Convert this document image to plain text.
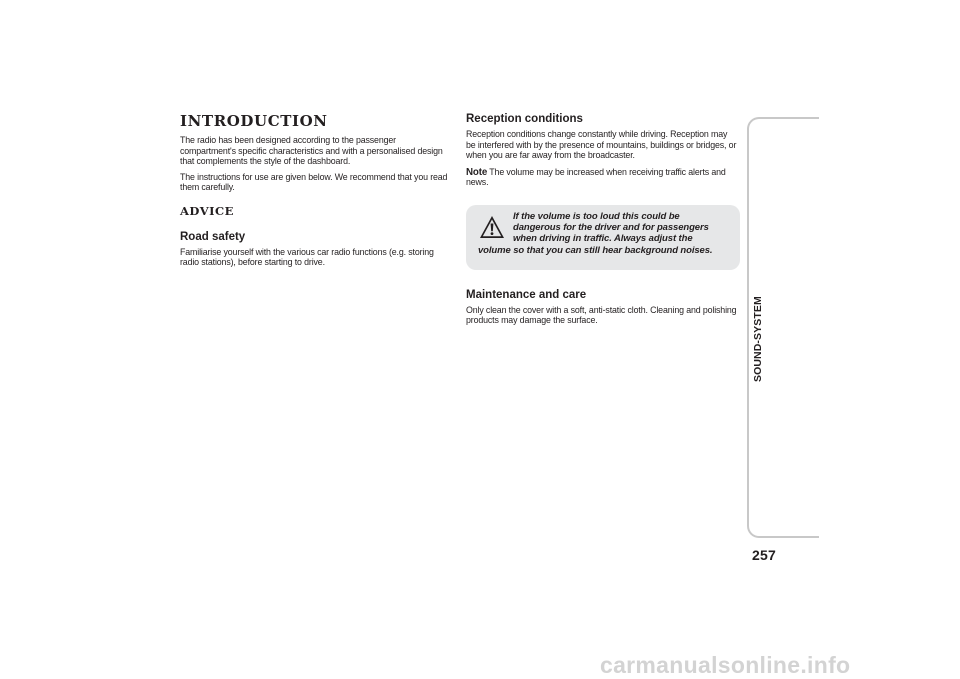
INTRODUCTION
The radio has been designed according to the passenger compartment's specific characteristics and with a personalised design that complements the style of the dashboard.
The instructions for use are given below. We recommend that you read them carefully.
ADVICE
Road safety
Familiarise yourself with the various car radio functions (e.g. storing radio stations), before starting to drive.
Reception conditions
Reception conditions change constantly while driving. Reception may be interfered with by the presence of mountains, buildings or bridges, or when you are far away from the broadcaster.
Note The volume may be increased when receiving traffic alerts and news.
If the volume is too loud this could be
dangerous for the driver and for passengers
when driving in traffic. Always adjust the
volume so that you can still hear background noises.
Maintenance and care
Only clean the cover with a soft, anti-static cloth. Cleaning and polishing products may damage the surface.	SOUND-SYSTEM
257
carmanualsonline.info
